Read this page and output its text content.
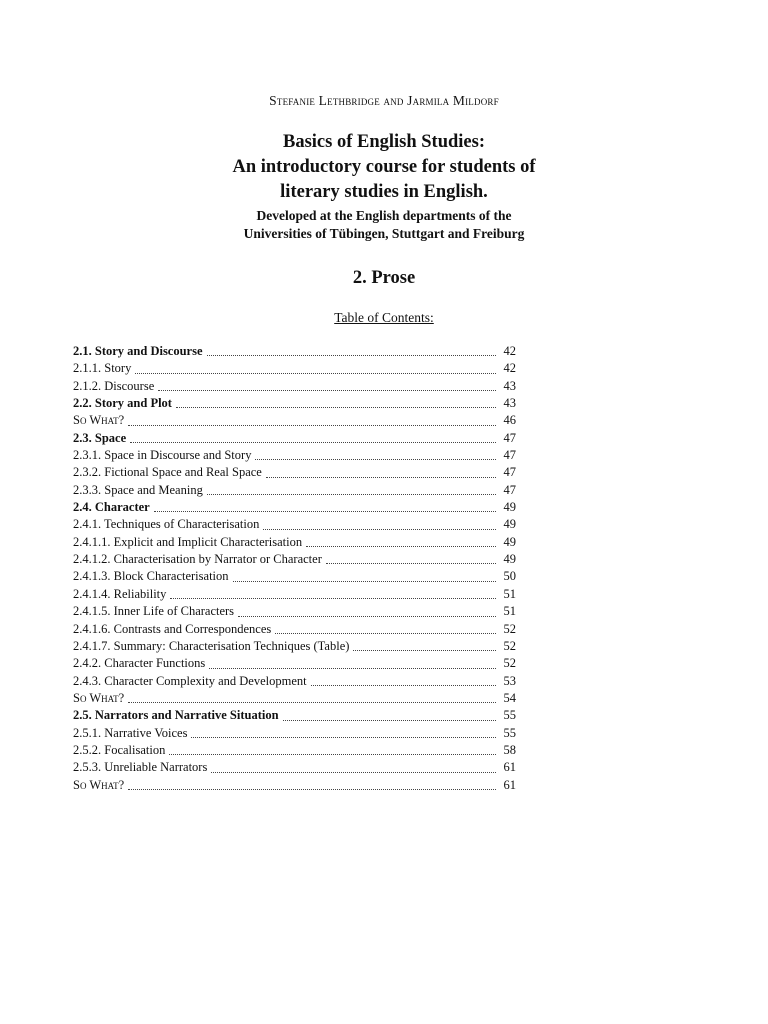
Stefanie Lethbridge and Jarmila Mildorf
Basics of English Studies:
An introductory course for students of
literary studies in English.
Developed at the English departments of the
Universities of Tübingen, Stuttgart and Freiburg
2. Prose
Table of Contents:
2.1. Story and Discourse	42
2.1.1. Story	42
2.1.2. Discourse	43
2.2. Story and Plot	43
So What?	46
2.3. Space	47
2.3.1. Space in Discourse and Story	47
2.3.2. Fictional Space and Real Space	47
2.3.3. Space and Meaning	47
2.4. Character	49
2.4.1. Techniques of Characterisation	49
2.4.1.1. Explicit and Implicit Characterisation	49
2.4.1.2. Characterisation by Narrator or Character	49
2.4.1.3. Block Characterisation	50
2.4.1.4. Reliability	51
2.4.1.5. Inner Life of Characters	51
2.4.1.6. Contrasts and Correspondences	52
2.4.1.7. Summary: Characterisation Techniques (Table)	52
2.4.2. Character Functions	52
2.4.3. Character Complexity and Development	53
So What?	54
2.5. Narrators and Narrative Situation	55
2.5.1. Narrative Voices	55
2.5.2. Focalisation	58
2.5.3. Unreliable Narrators	61
So What?	61
